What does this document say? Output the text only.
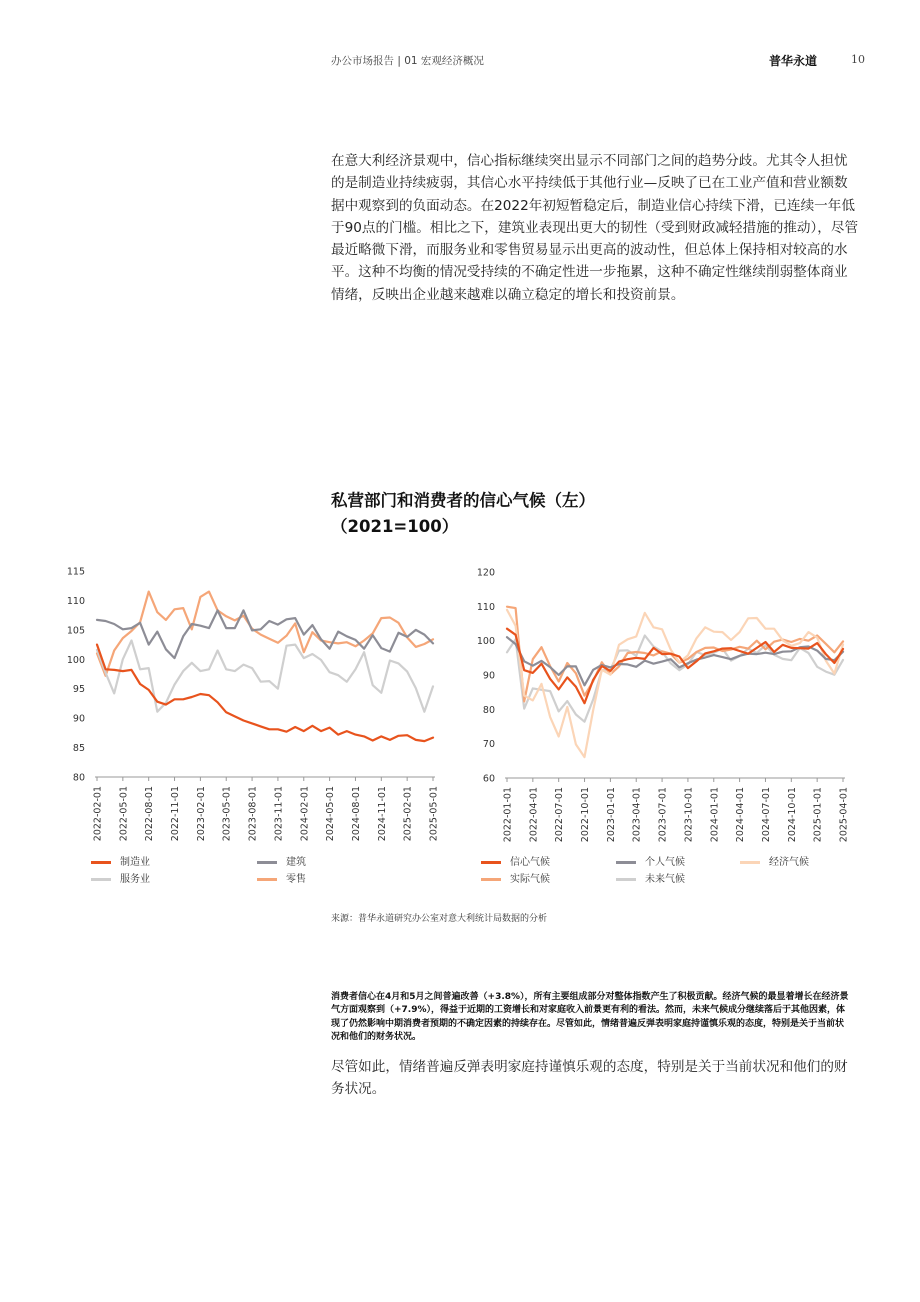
办公市场报告 | 01 宏观经济概况	普华永道	10

在意大利经济景观中，信心指标继续突出显示不同部门之间的趋势分歧。尤其令人担忧的是制造业持续疲弱，其信心水平持续低于其他行业—反映了已在工业产值和营业额数据中观察到的负面动态。在2022年初短暂稳定后，制造业信心持续下滑，已连续一年低于90点的门槛。相比之下，建筑业表现出更大的韧性（受到财政减轻措施的推动），尽管最近略微下滑，而服务业和零售贸易显示出更高的波动性，但总体上保持相对较高的水平。这种不均衡的情况受持续的不确定性进一步拖累，这种不确定性继续削弱整体商业情绪，反映出企业越来越难以确立稳定的增长和投资前景。

私营部门和消费者的信心气候（左）
（2021=100）
80
85
90
95
100
105
110
115
2022-02-01 2022-05-01 2022-08-01 2022-11-01 2023-02-01 2023-05-01 2023-08-01 2023-11-01 2024-02-01 2024-05-01 2024-08-01 2024-11-01 2025-02-01 2025-05-01
60
70
80
90
100
110
120
2022-01-01 2022-04-01 2022-07-01 2022-10-01 2023-01-01 2023-04-01 2023-07-01 2023-10-01 2024-01-01 2024-04-01 2024-07-01 2024-10-01 2025-01-01 2025-04-01
制造业	建筑
服务业	零售
信心气候	个人气候	经济气候
实际气候	未来气候
来源：普华永道研究办公室对意大利统计局数据的分析

消费者信心在4月和5月之间普遍改善（+3.8%），所有主要组成部分对整体指数产生了积极贡献。经济气候的最显着增长在经济景气方面观察到（+7.9%），得益于近期的工资增长和对家庭收入前景更有利的看法。然而，未来气候成分继续落后于其他因素，体现了仍然影响中期消费者预期的不确定因素的持续存在。尽管如此，情绪普遍反弹表明家庭持谨慎乐观的态度，特别是关于当前状况和他们的财务状况。

尽管如此，情绪普遍反弹表明家庭持谨慎乐观的态度，特别是关于当前状况和他们的财务状况。
